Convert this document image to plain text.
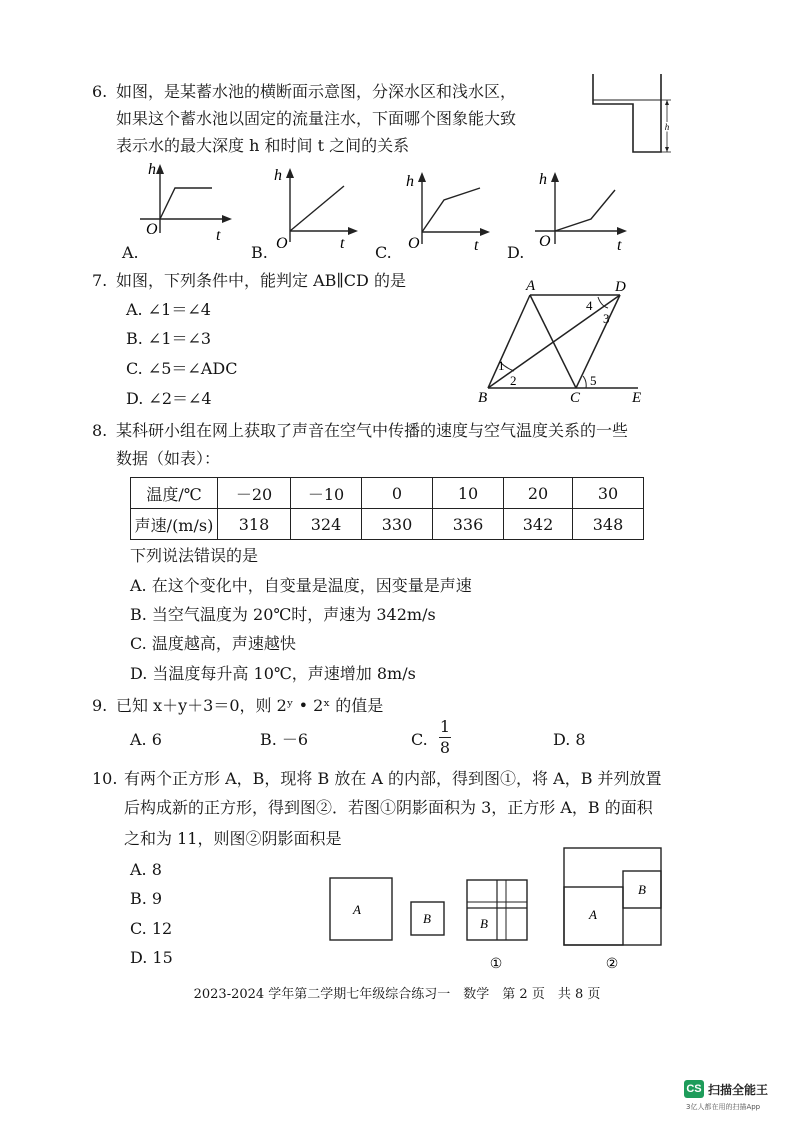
6. 如图，是某蓄水池的横断面示意图，分深水区和浅水区，
如果这个蓄水池以固定的流量注水，下面哪个图象能大致
表示水的最大深度 h 和时间 t 之间的关系
h
h
t
O
A.
h
t
O
B.
h
t
O
C.
h
t
O
D.
7. 如图，下列条件中，能判定 AB∥CD 的是
A. ∠1＝∠4
B. ∠1＝∠3
C. ∠5＝∠ADC
D. ∠2＝∠4
A	D
B	C	E
1
2
3
4
5
8. 某科研小组在网上获取了声音在空气中传播的速度与空气温度关系的一些
数据（如表）：
温度/℃	－20	－10	0	10	20	30
声速/(m/s)	318	324	330	336	342	348
下列说法错误的是
A. 在这个变化中，自变量是温度，因变量是声速
B. 当空气温度为 20℃时，声速为 342m/s
C. 温度越高，声速越快
D. 当温度每升高 10℃，声速增加 8m/s
9. 已知 x＋y＋3＝0，则 2ʸ • 2ˣ 的值是
A. 6	B. －6	C.
1
8	D. 8
10. 有两个正方形 A，B，现将 B 放在 A 的内部，得到图①，将 A，B 并列放置
后构成新的正方形，得到图②．若图①阴影面积为 3，正方形 A，B 的面积
之和为 11，则图②阴影面积是
A. 8
B. 9
C. 12
D. 15
A
B	B
①
A
B
②
2023-2024 学年第二学期七年级综合练习一　数学　第 2 页　共 8 页
CS 扫描全能王
3亿人都在用的扫描App
